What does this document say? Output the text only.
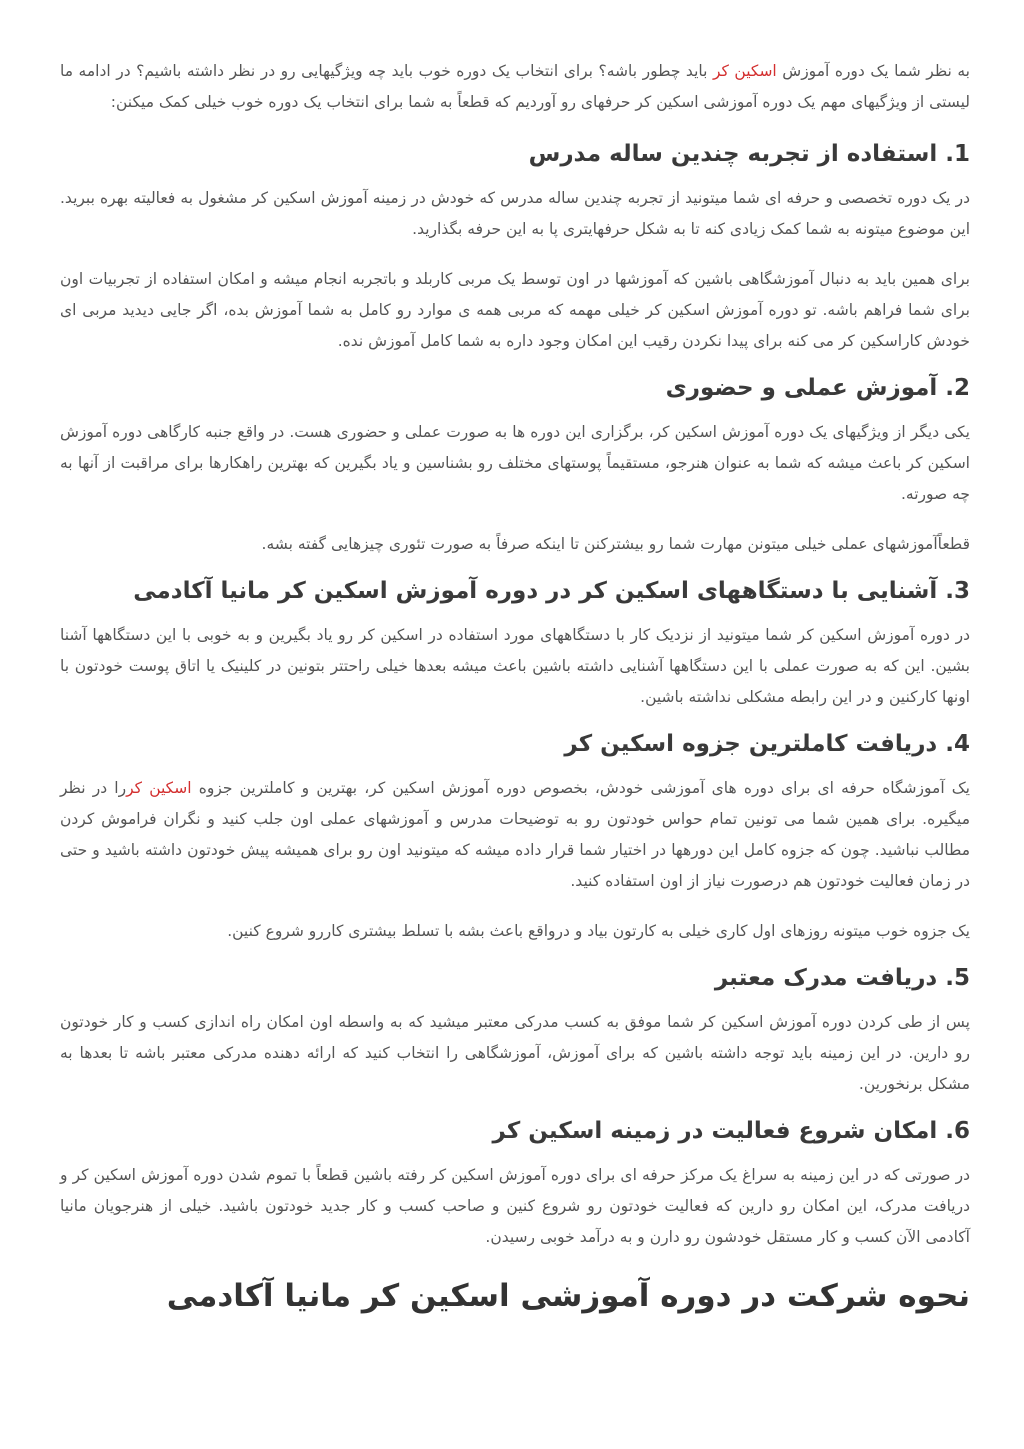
به نظر شما یک دوره آموزش اسکین کر باید چطور باشه؟ برای انتخاب یک دوره خوب باید چه ویژگیهایی رو در نظر داشته باشیم؟ در ادامه ما لیستی از ویژگیهای مهم یک دوره آموزشی اسکین کر حرفهای رو آوردیم که قطعاً به شما برای انتخاب یک دوره خوب خیلی کمک میکنن:

1. استفاده از تجربه چندین ساله مدرس

در یک دوره تخصصی و حرفه ای شما میتونید از تجربه چندین ساله مدرس که خودش در زمینه آموزش اسکین کر مشغول به فعالیته بهره ببرید. این موضوع میتونه به شما کمک زیادی کنه تا به شکل حرفهایتری پا به این حرفه بگذارید.

برای همین باید به دنبال آموزشگاهی باشین که آموزشها در اون توسط یک مربی کاربلد و باتجربه انجام میشه و امکان استفاده از تجربیات اون برای شما فراهم باشه. تو دوره آموزش اسکین کر خیلی مهمه که مربی همه ی موارد رو کامل به شما آموزش بده، اگر جایی دیدید مربی ای خودش کاراسکین کر می کنه برای پیدا نکردن رقیب این امکان وجود داره به شما کامل آموزش نده.

2. آموزش عملی و حضوری

یکی دیگر از ویژگیهای یک دوره آموزش اسکین کر، برگزاری این دوره ها به صورت عملی و حضوری هست. در واقع جنبه کارگاهی دوره آموزش اسکین کر باعث میشه که شما به عنوان هنرجو، مستقیماً پوستهای مختلف رو بشناسین و یاد بگیرین که بهترین راهکارها برای مراقبت از آنها به چه صورته.

قطعاًآموزشهای عملی خیلی میتونن مهارت شما رو بیشترکنن تا اینکه صرفاً به صورت تئوری چیزهایی گفته بشه.

3. آشنایی با دستگاههای اسکین کر در دوره آموزش اسکین کر مانیا آکادمی

در دوره آموزش اسکین کر شما میتونید از نزدیک کار با دستگاههای مورد استفاده در اسکین کر رو یاد بگیرین و به خوبی با این دستگاهها آشنا بشین. این که به صورت عملی با این دستگاهها آشنایی داشته باشین باعث میشه بعدها خیلی راحتتر بتونین در کلینیک یا اتاق پوست خودتون با اونها کارکنین و در این رابطه مشکلی نداشته باشین.

4. دریافت کاملترین جزوه اسکین کر

یک آموزشگاه حرفه ای برای دوره های آموزشی خودش، بخصوص دوره آموزش اسکین کر، بهترین و کاملترین جزوه اسکین کررا در نظر میگیره. برای همین شما می تونین تمام حواس خودتون رو به توضیحات مدرس و آموزشهای عملی اون جلب کنید و نگران فراموش کردن مطالب نباشید. چون که جزوه کامل این دورهها در اختیار شما قرار داده میشه که میتونید اون رو برای همیشه پیش خودتون داشته باشید و حتی در زمان فعالیت خودتون هم درصورت نیاز از اون استفاده کنید.

یک جزوه خوب میتونه روزهای اول کاری خیلی به کارتون بیاد و درواقع باعث بشه با تسلط بیشتری کاررو شروع کنین.

5. دریافت مدرک معتبر

پس از طی کردن دوره آموزش اسکین کر شما موفق به کسب مدرکی معتبر میشید که به واسطه اون امکان راه اندازی کسب و کار خودتون رو دارین. در این زمینه باید توجه داشته باشین که برای آموزش، آموزشگاهی را انتخاب کنید که ارائه دهنده مدرکی معتبر باشه تا بعدها به مشکل برنخورین.

6. امکان شروع فعالیت در زمینه اسکین کر

در صورتی که در این زمینه به سراغ یک مرکز حرفه ای برای دوره آموزش اسکین کر رفته باشین قطعاً با تموم شدن دوره آموزش اسکین کر و دریافت مدرک، این امکان رو دارین که فعالیت خودتون رو شروع کنین و صاحب کسب و کار جدید خودتون باشید. خیلی از هنرجویان مانیا آکادمی الآن کسب و کار مستقل خودشون رو دارن و به درآمد خوبی رسیدن.

نحوه شرکت در دوره آموزشی اسکین کر مانیا آکادمی
